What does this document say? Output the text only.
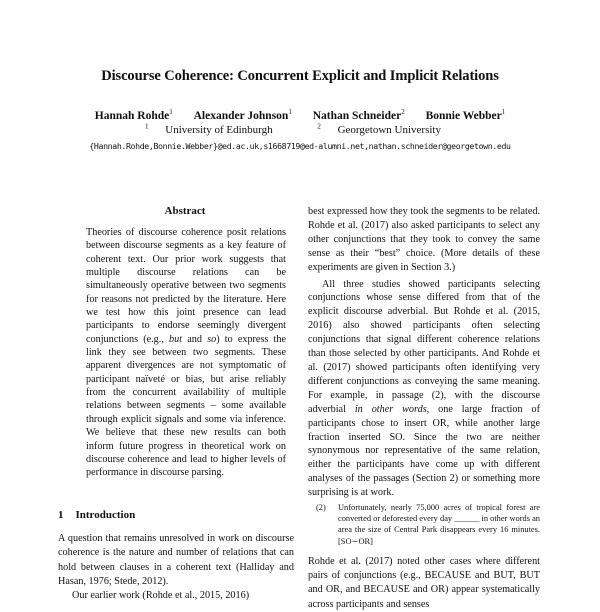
Discourse Coherence: Concurrent Explicit and Implicit Relations
Hannah Rohde$^1$ Alexander Johnson$^1$ Nathan Schneider$^2$ Bonnie Webber$^1$
$^1$ University of Edinburgh	$^2$ Georgetown University
{Hannah.Rohde,Bonnie.Webber}@ed.ac.uk,s1668719@ed-alumni.net,nathan.schneider@georgetown.edu
Abstract
Theories of discourse coherence posit relations between discourse segments as a key feature of coherent text. Our prior work suggests that multiple discourse relations can be simultaneously operative between two segments for reasons not predicted by the literature. Here we test how this joint presence can lead participants to endorse seemingly divergent conjunctions (e.g., but and so) to express the link they see between two segments. These apparent divergences are not symptomatic of participant naïveté or bias, but arise reliably from the concurrent availability of multiple relations between segments – some available through explicit signals and some via inference. We believe that these new results can both inform future progress in theoretical work on discourse coherence and lead to higher levels of performance in discourse parsing.
1 Introduction

A question that remains unresolved in work on discourse coherence is the nature and number of relations that can hold between clauses in a coherent text (Halliday and Hasan, 1976; Stede, 2012).

Our earlier work (Rohde et al., 2015, 2016)

best expressed how they took the segments to be related. Rohde et al. (2017) also asked participants to select any other conjunctions that they took to convey the same sense as their “best” choice. (More details of these experiments are given in Section 3.)

All three studies showed participants selecting conjunctions whose sense differed from that of the explicit discourse adverbial. But Rohde et al. (2015, 2016) also showed participants often selecting conjunctions that signal different coherence relations than those selected by other participants. And Rohde et al. (2017) showed participants often identifying very different conjunctions as conveying the same meaning. For example, in passage (2), with the discourse adverbial in other words, one large fraction of participants chose to insert OR, while another large fraction inserted SO. Since the two are neither synonymous nor representative of the same relation, either the participants have come up with different analyses of the passages (Section 2) or something more surprising is at work.

(2) Unfortunately, nearly 75,000 acres of tropical forest are converted or deforested every day ______ in other words an area the size of Central Park disappears every 16 minutes. [SO∼OR]
Rohde et al. (2017) noted other cases where different pairs of conjunctions (e.g., BECAUSE and BUT, BUT and OR, and BECAUSE and OR) appear systematically across participants and senses
